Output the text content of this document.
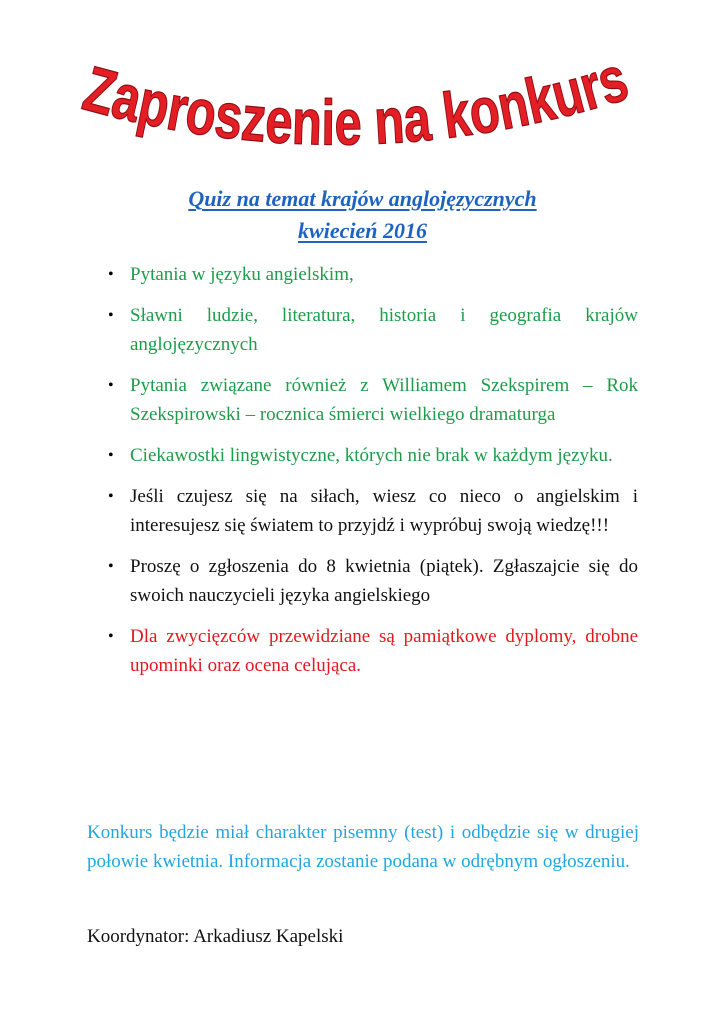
Zaproszenie na konkurs
Quiz na temat krajów anglojęzycznych
kwiecień 2016
• Pytania w języku angielskim,
• Sławni ludzie, literatura, historia i geografia krajów anglojęzycznych
• Pytania związane również z Williamem Szekspirem – Rok Szekspirowski – rocznica śmierci wielkiego dramaturga
• Ciekawostki lingwistyczne, których nie brak w każdym języku.
• Jeśli czujesz się na siłach, wiesz co nieco o angielskim i interesujesz się światem to przyjdź i wypróbuj swoją wiedzę!!!
• Proszę o zgłoszenia do 8 kwietnia (piątek). Zgłaszajcie się do swoich nauczycieli języka angielskiego
• Dla zwycięzców przewidziane są pamiątkowe dyplomy, drobne upominki oraz ocena celująca.

Konkurs będzie miał charakter pisemny (test) i odbędzie się w drugiej połowie kwietnia. Informacja zostanie podana w odrębnym ogłoszeniu.

Koordynator: Arkadiusz Kapelski
